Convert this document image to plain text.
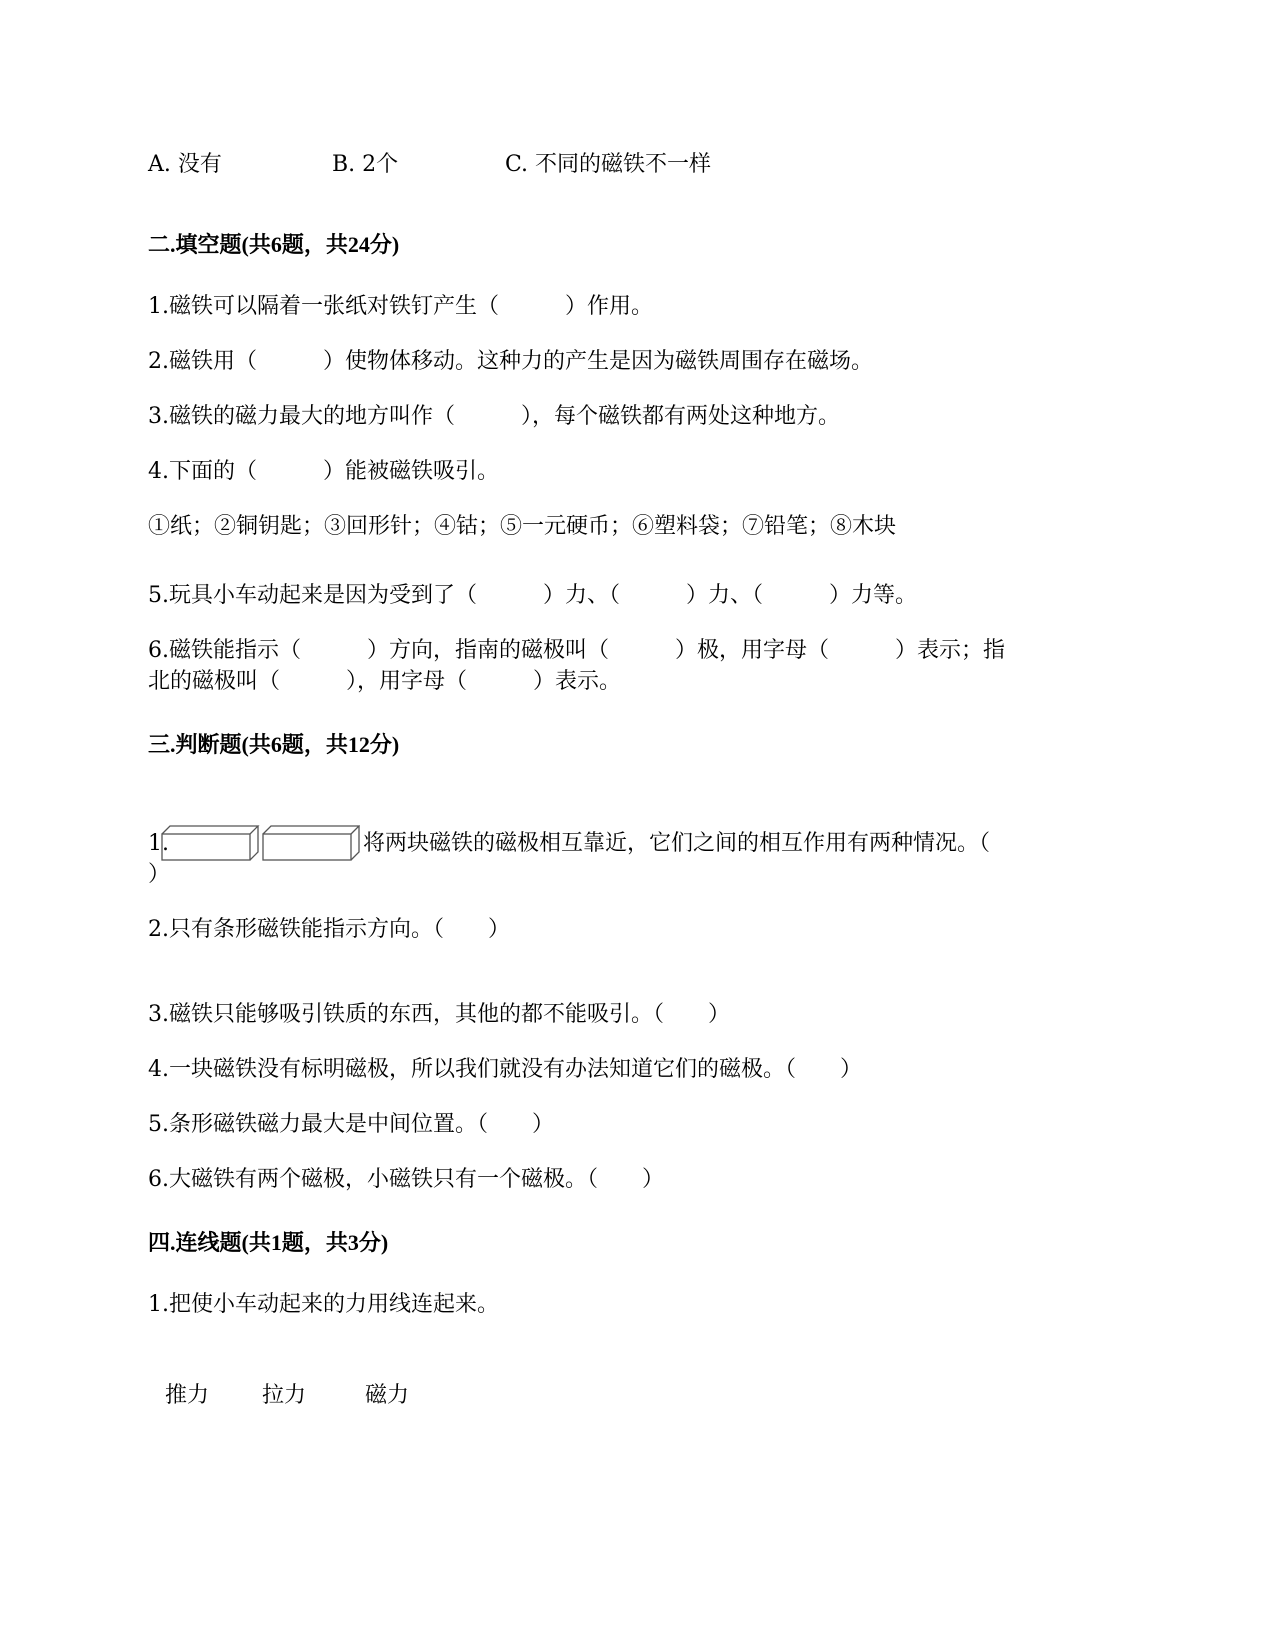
A. 没有	B. 2个	C. 不同的磁铁不一样
二.填空题(共6题，共24分)
1.磁铁可以隔着一张纸对铁钉产生（　　　）作用。
2.磁铁用（　　　）使物体移动。这种力的产生是因为磁铁周围存在磁场。
3.磁铁的磁力最大的地方叫作（　　　），每个磁铁都有两处这种地方。
4.下面的（　　　）能被磁铁吸引。
①纸；②铜钥匙；③回形针；④钴；⑤一元硬币；⑥塑料袋；⑦铅笔；⑧木块
5.玩具小车动起来是因为受到了（　　　）力、（　　　）力、（　　　）力等。
6.磁铁能指示（　　　）方向，指南的磁极叫（　　　）极，用字母（　　　）表示；指
北的磁极叫（　　　），用字母（　　　）表示。
三.判断题(共6题，共12分)
1.	将两块磁铁的磁极相互靠近，它们之间的相互作用有两种情况。（
）
2.只有条形磁铁能指示方向。（　　）
3.磁铁只能够吸引铁质的东西，其他的都不能吸引。（　　）
4.一块磁铁没有标明磁极，所以我们就没有办法知道它们的磁极。（　　）
5.条形磁铁磁力最大是中间位置。（　　）
6.大磁铁有两个磁极，小磁铁只有一个磁极。（　　）
四.连线题(共1题，共3分)
1.把使小车动起来的力用线连起来。
推力 拉力	磁力
